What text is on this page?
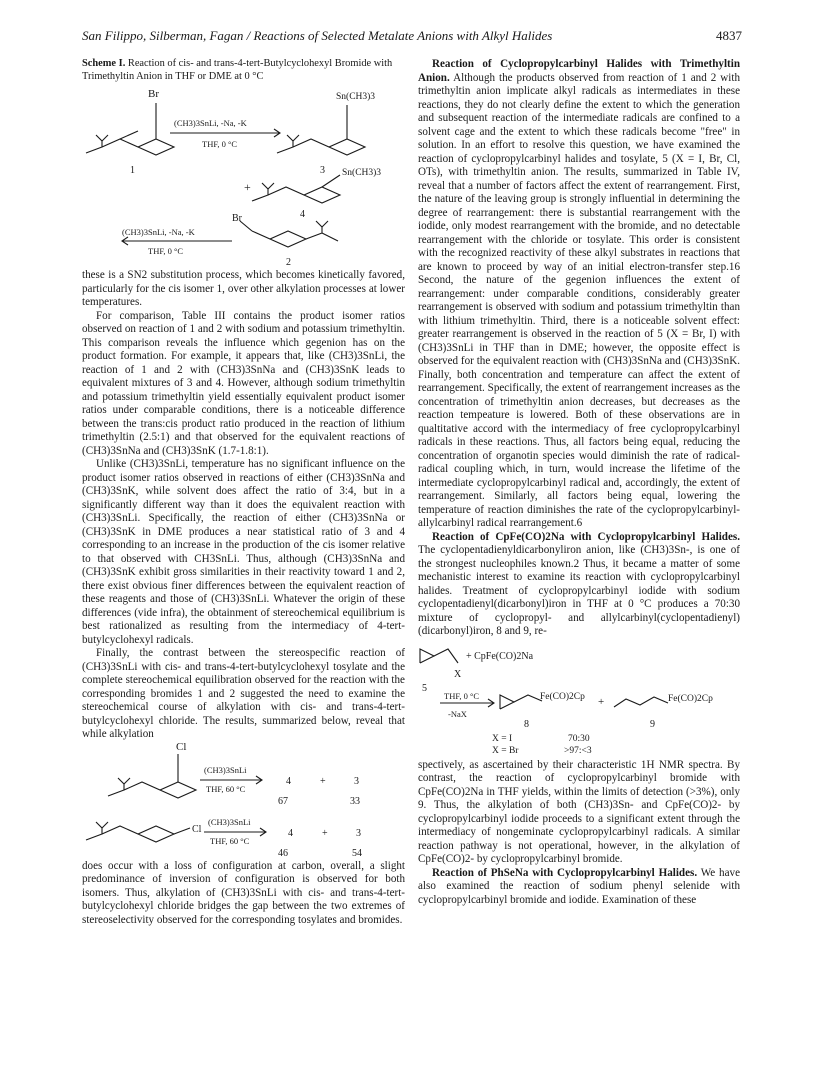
San Filippo, Silberman, Fagan / Reactions of Selected Metalate Anions with Alkyl Halides	4837

Scheme I. Reaction of cis- and trans-4-tert-Butylcyclohexyl Bromide with Trimethyltin Anion in THF or DME at 0 °C

Br	Sn(CH3)3
(CH3)3SnLi, -Na, -K
THF, 0 °C
1	3
+
Sn(CH3)3
4
(CH3)3SnLi, -Na, -K
THF, 0 °C
Br
2

these is a SN2 substitution process, which becomes kinetically favored, particularly for the cis isomer 1, over other alkylation processes at lower temperatures.

For comparison, Table III contains the product isomer ratios observed on reaction of 1 and 2 with sodium and potassium trimethyltin. This comparison reveals the influence which gegenion has on the product formation. For example, it appears that, like (CH3)3SnLi, the reaction of 1 and 2 with (CH3)3SnNa and (CH3)3SnK leads to equivalent mixtures of 3 and 4. However, although sodium trimethyltin and potassium trimethyltin yield essentially equivalent product isomer ratios under comparable conditions, there is a noticeable difference between the trans:cis product ratio produced in the reaction of lithium trimethyltin (2.5:1) and that observed for the equivalent reactions of (CH3)3SnNa and (CH3)3SnK (1.7-1.8:1).

Unlike (CH3)3SnLi, temperature has no significant influence on the product isomer ratios observed in reactions of either (CH3)3SnNa and (CH3)3SnK, while solvent does affect the ratio of 3:4, but in a significantly different way than it does the equivalent reaction with (CH3)3SnLi. Specifically, the reaction of either (CH3)3SnNa or (CH3)3SnK in DME produces a near statistical ratio of 3 and 4 corresponding to an increase in the production of the cis isomer relative to that observed with CH3SnLi. Thus, although (CH3)3SnNa and (CH3)3SnK exhibit gross similarities in their reactivity toward 1 and 2, there exist obvious finer differences between the equivalent reaction of these reagents and those of (CH3)3SnLi. Whatever the origin of these differences (vide infra), the obtainment of stereochemical equilibrium is best rationalized as resulting from the intermediacy of 4-tert-butylcyclohexyl radicals.

Finally, the contrast between the stereospecific reaction of (CH3)3SnLi with cis- and trans-4-tert-butylcyclohexyl tosylate and the complete stereochemical equilibration observed for the reaction with the corresponding bromides 1 and 2 suggested the need to examine the stereochemical course of alkylation with cis- and trans-4-tert-butylcyclohexyl chloride. The results, summarized below, reveal that while alkylation

Cl
(CH3)3SnLi
THF, 60 °C
4	+	3
67	33
Cl
(CH3)3SnLi
THF, 60 °C
4	+	3
46	54

does occur with a loss of configuration at carbon, overall, a slight predominance of inversion of configuration is observed for both isomers. Thus, alkylation of (CH3)3SnLi with cis- and trans-4-tert-butylcyclohexyl chloride bridges the gap between the two extremes of stereoselectivity observed for the corresponding tosylates and bromides.

Reaction of Cyclopropylcarbinyl Halides with Trimethyltin Anion. Although the products observed from reaction of 1 and 2 with trimethyltin anion implicate alkyl radicals as intermediates in these reactions, they do not clearly define the extent to which the generation and subsequent reaction of the intermediate radicals are confined to a solvent cage and the extent to which these radicals become "free" in solution. In an effort to resolve this question, we have examined the reaction of cyclopropylcarbinyl halides and tosylate, 5 (X = I, Br, Cl, OTs), with trimethyltin anion. The results, summarized in Table IV, reveal that a number of factors affect the extent of rearrangement. First, the nature of the leaving group is strongly influential in determining the degree of rearrangement: there is substantial rearrangement with the iodide, only modest rearrangement with the bromide, and no detectable rearrangement with the chloride or tosylate. This order is consistent with the recognized reactivity of these alkyl substrates in reactions that are known to proceed by way of an initial electron-transfer step.16 Second, the nature of the gegenion influences the extent of rearrangement: under comparable conditions, considerably greater rearrangement is observed with sodium and potassium trimethyltin than with lithium trimethyltin. Third, there is a noticeable solvent effect: greater rearrangement is observed in the reaction of 5 (X = Br, I) with (CH3)3SnLi in THF than in DME; however, the opposite effect is observed for the equivalent reaction with (CH3)3SnNa and (CH3)3SnK. Finally, both concentration and temperature can affect the extent of rearrangement. Specifically, the extent of rearrangement increases as the concentration of trimethyltin anion decreases, but decreases as the reaction tempeature is lowered. Both of these observations are in qualtitative accord with the intermediacy of free cyclopropylcarbinyl radicals in these reactions. Thus, all factors being equal, reducing the concentration of organotin species would diminish the rate of radical-radical coupling which, in turn, would increase the lifetime of the intermediate cyclopropylcarbinyl radical and, accordingly, the extent of rearrangement. Similarly, all factors being equal, lowering the temperature of reaction diminishes the rate of the cyclopropylcarbinyl-allylcarbinyl radical rearrangement.6

Reaction of CpFe(CO)2Na with Cyclopropylcarbinyl Halides. The cyclopentadienyldicarbonyliron anion, like (CH3)3Sn-, is one of the strongest nucleophiles known.2 Thus, it became a matter of some mechanistic interest to examine its reaction with cyclopropylcarbinyl halides. Treatment of cyclopropylcarbinyl iodide with sodium cyclopentadienyl(dicarbonyl)iron in THF at 0 °C produces a 70:30 mixture of cyclopropyl- and allylcarbinyl(cyclopentadienyl)(dicarbonyl)iron, 8 and 9, re-

+ CpFe(CO)2Na
X
5
THF, 0 °C
-NaX
Fe(CO)2Cp +	Fe(CO)2Cp
8	9
X = I	70:30
X = Br	>97:<3

spectively, as ascertained by their characteristic 1H NMR spectra. By contrast, the reaction of cyclopropylcarbinyl bromide with CpFe(CO)2Na in THF yields, within the limits of detection (>3%), only 9. Thus, the alkylation of both (CH3)3Sn- and CpFe(CO)2- by cyclopropylcarbinyl iodide proceeds to a significant extent through the intermediacy of nongeminate cyclopropylcarbinyl radicals. A similar reaction pathway is not operational, however, in the alkylation of CpFe(CO)2- by cyclopropylcarbinyl bromide.

Reaction of PhSeNa with Cyclopropylcarbinyl Halides. We have also examined the reaction of sodium phenyl selenide with cyclopropylcarbinyl bromide and iodide. Examination of these
